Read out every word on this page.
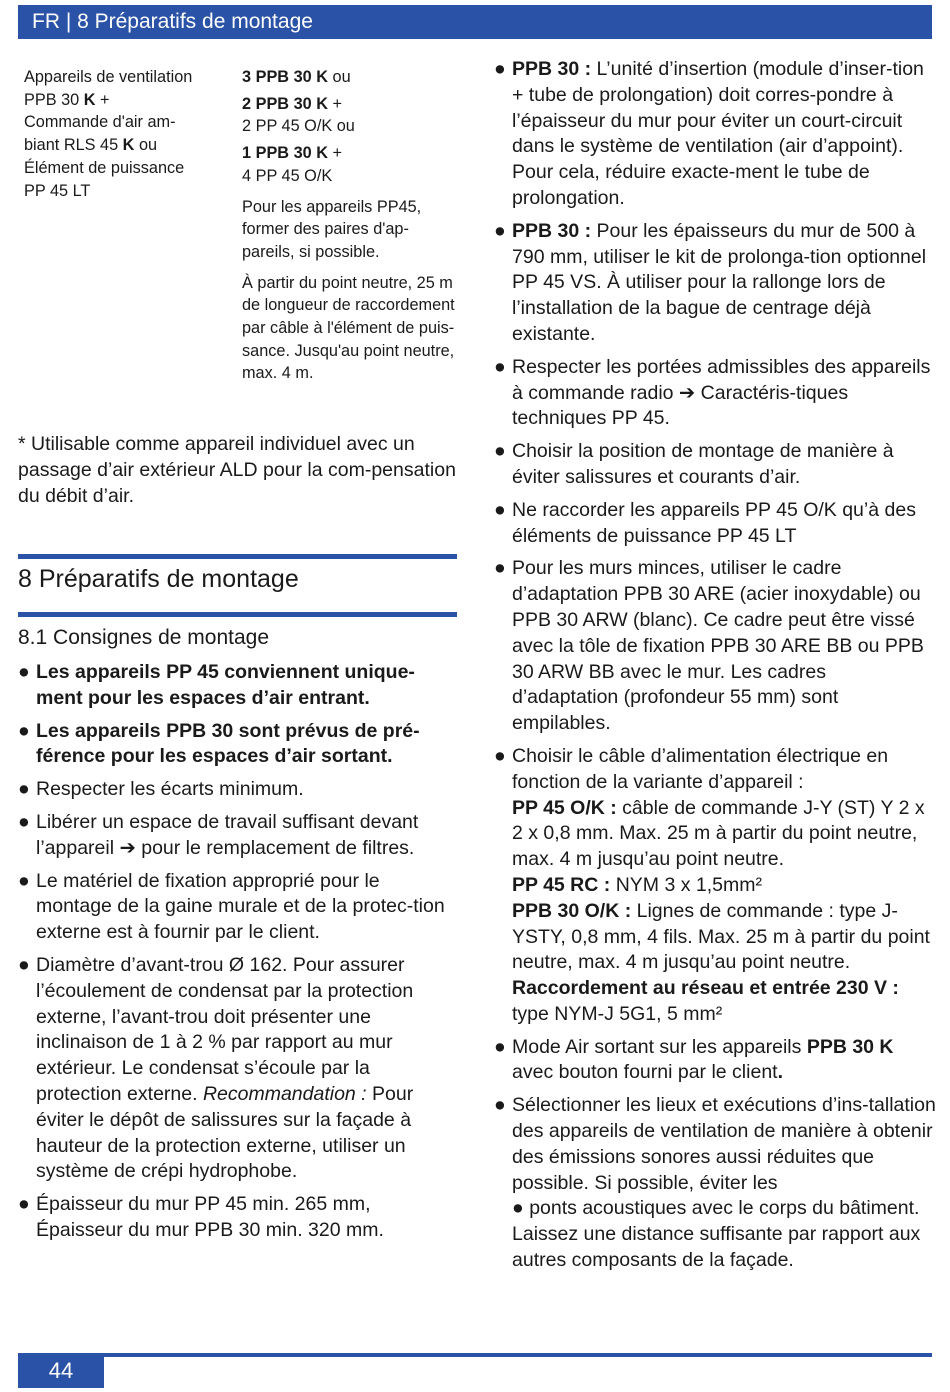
FR | 8 Préparatifs de montage
Appareils de ventilation
PPB 30 K +
Commande d'air am-
biant RLS 45 K ou
Élément de puissance
PP 45 LT
3 PPB 30 K ou
2 PPB 30 K +
2 PP 45 O/K ou
1 PPB 30 K +
4 PP 45 O/K

Pour les appareils PP45, former des paires d'ap-pareils, si possible.

À partir du point neutre, 25 m de longueur de raccordement par câble à l'élément de puis-sance. Jusqu'au point neutre, max. 4 m.

* Utilisable comme appareil individuel avec un passage d’air extérieur ALD pour la com-pensation du débit d’air.
8 Préparatifs de montage
8.1 Consignes de montage
● Les appareils PP 45 conviennent unique-ment pour les espaces d’air entrant.
● Les appareils PPB 30 sont prévus de pré-férence pour les espaces d’air sortant.
● Respecter les écarts minimum.
● Libérer un espace de travail suffisant devant l’appareil ➔ pour le remplacement de filtres.
● Le matériel de fixation approprié pour le montage de la gaine murale et de la protec-tion externe est à fournir par le client.
● Diamètre d’avant-trou Ø 162. Pour assurer l’écoulement de condensat par la protection externe, l’avant-trou doit présenter une inclinaison de 1 à 2 % par rapport au mur extérieur. Le condensat s’écoule par la protection externe. Recommandation : Pour éviter le dépôt de salissures sur la façade à hauteur de la protection externe, utiliser un système de crépi hydrophobe.
● Épaisseur du mur PP 45 min. 265 mm,
Épaisseur du mur PPB 30 min. 320 mm.
● PPB 30 : L’unité d’insertion (module d’inser-tion + tube de prolongation) doit corres-pondre à l’épaisseur du mur pour éviter un court-circuit dans le système de ventilation (air d’appoint). Pour cela, réduire exacte-ment le tube de prolongation.
● PPB 30 : Pour les épaisseurs du mur de 500 à 790 mm, utiliser le kit de prolonga-tion optionnel PP 45 VS. À utiliser pour la rallonge lors de l’installation de la bague de centrage déjà existante.
● Respecter les portées admissibles des appareils à commande radio ➔ Caractéris-tiques techniques PP 45.
● Choisir la position de montage de manière à éviter salissures et courants d’air.
● Ne raccorder les appareils PP 45 O/K qu’à des éléments de puissance PP 45 LT
● Pour les murs minces, utiliser le cadre d’adaptation PPB 30 ARE (acier inoxydable) ou PPB 30 ARW (blanc). Ce cadre peut être vissé avec la tôle de fixation PPB 30 ARE BB ou PPB 30 ARW BB avec le mur. Les cadres d’adaptation (profondeur 55 mm) sont empilables.
● Choisir le câble d’alimentation électrique en fonction de la variante d’appareil :
PP 45 O/K : câble de commande J-Y (ST) Y 2 x 2 x 0,8 mm. Max. 25 m à partir du point neutre, max. 4 m jusqu’au point neutre.
PP 45 RC : NYM 3 x 1,5mm²
PPB 30 O/K : Lignes de commande : type J-YSTY, 0,8 mm, 4 fils. Max. 25 m à partir du point neutre, max. 4 m jusqu’au point neutre. Raccordement au réseau et entrée 230 V : type NYM-J 5G1, 5 mm²
● Mode Air sortant sur les appareils PPB 30 K avec bouton fourni par le client.
● Sélectionner les lieux et exécutions d’ins-tallation des appareils de ventilation de manière à obtenir des émissions sonores aussi réduites que possible. Si possible, éviter les
● ponts acoustiques avec le corps du bâtiment. Laissez une distance suffisante par rapport aux autres composants de la façade.
44
